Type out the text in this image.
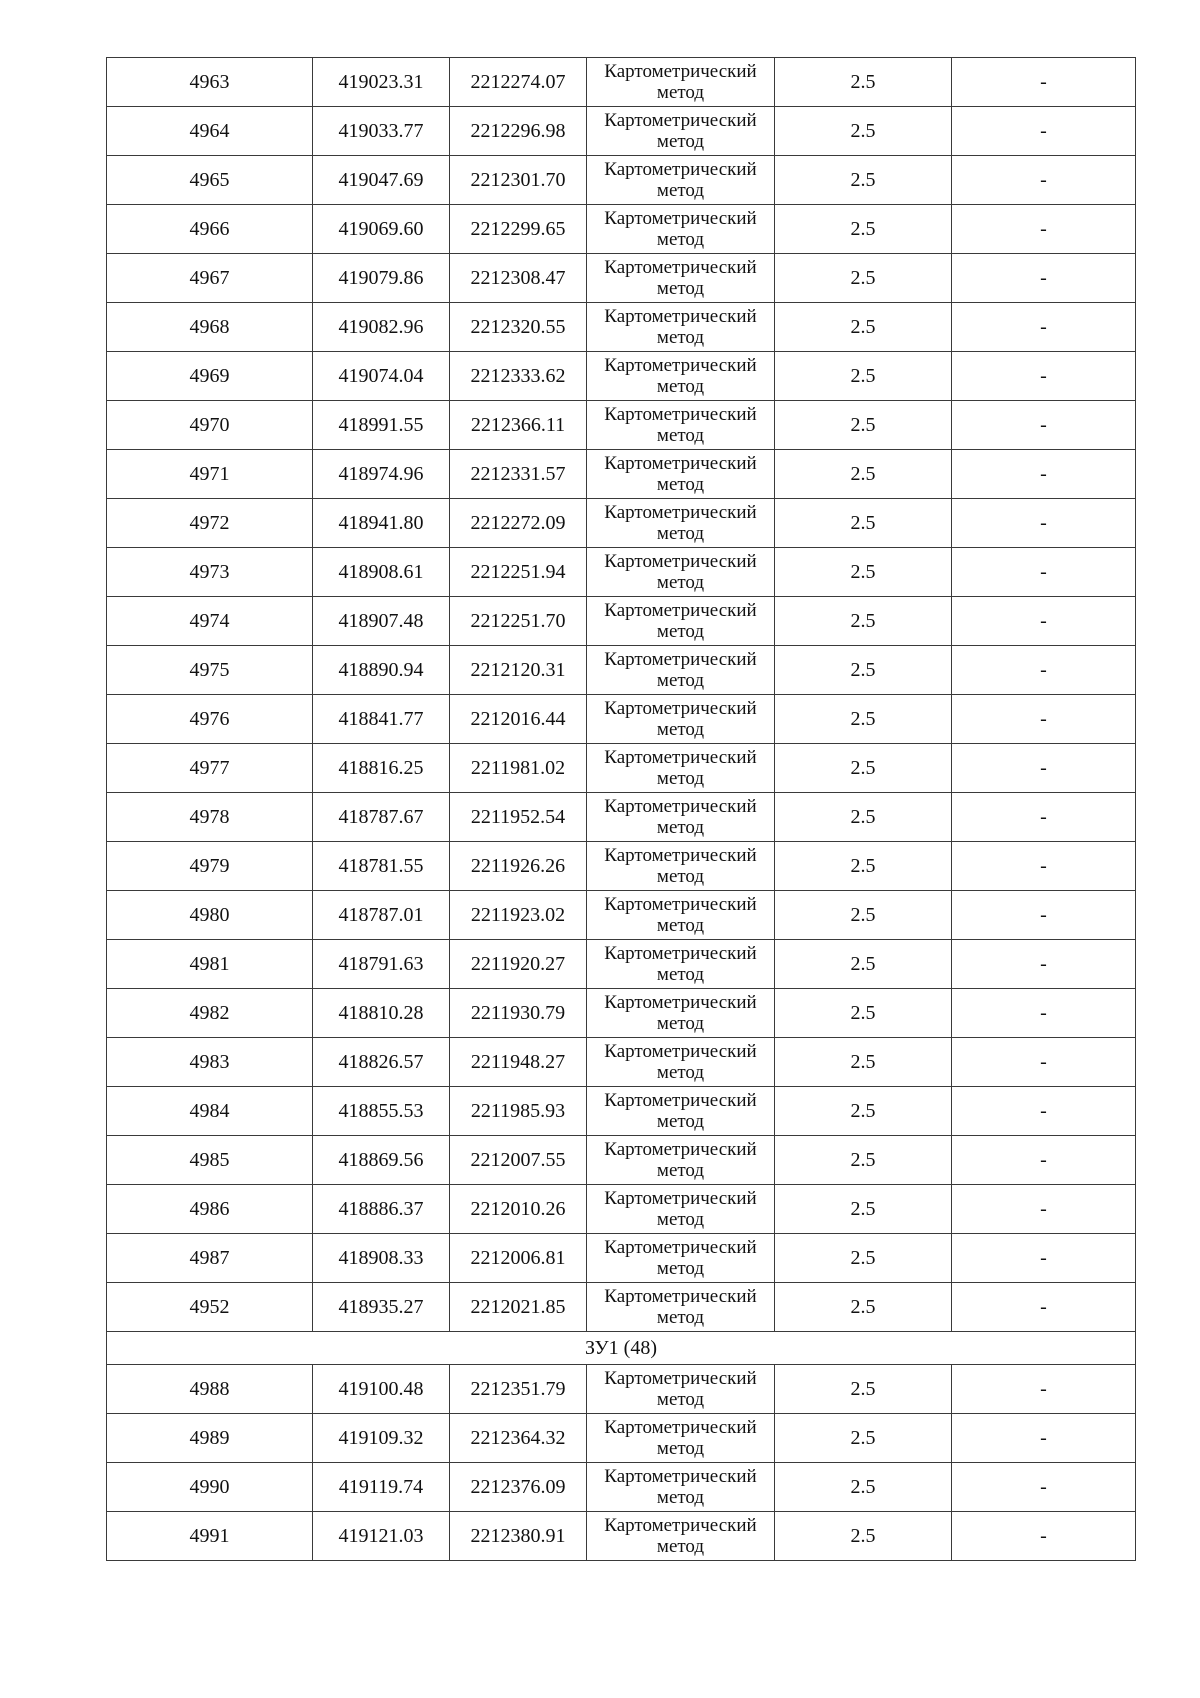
4963	419023.31	2212274.07	Картометрический метод	2.5	-
4964	419033.77	2212296.98	Картометрический метод	2.5	-
4965	419047.69	2212301.70	Картометрический метод	2.5	-
4966	419069.60	2212299.65	Картометрический метод	2.5	-
4967	419079.86	2212308.47	Картометрический метод	2.5	-
4968	419082.96	2212320.55	Картометрический метод	2.5	-
4969	419074.04	2212333.62	Картометрический метод	2.5	-
4970	418991.55	2212366.11	Картометрический метод	2.5	-
4971	418974.96	2212331.57	Картометрический метод	2.5	-
4972	418941.80	2212272.09	Картометрический метод	2.5	-
4973	418908.61	2212251.94	Картометрический метод	2.5	-
4974	418907.48	2212251.70	Картометрический метод	2.5	-
4975	418890.94	2212120.31	Картометрический метод	2.5	-
4976	418841.77	2212016.44	Картометрический метод	2.5	-
4977	418816.25	2211981.02	Картометрический метод	2.5	-
4978	418787.67	2211952.54	Картометрический метод	2.5	-
4979	418781.55	2211926.26	Картометрический метод	2.5	-
4980	418787.01	2211923.02	Картометрический метод	2.5	-
4981	418791.63	2211920.27	Картометрический метод	2.5	-
4982	418810.28	2211930.79	Картометрический метод	2.5	-
4983	418826.57	2211948.27	Картометрический метод	2.5	-
4984	418855.53	2211985.93	Картометрический метод	2.5	-
4985	418869.56	2212007.55	Картометрический метод	2.5	-
4986	418886.37	2212010.26	Картометрический метод	2.5	-
4987	418908.33	2212006.81	Картометрический метод	2.5	-
4952	418935.27	2212021.85	Картометрический метод	2.5	-
ЗУ1 (48)					
4988	419100.48	2212351.79	Картометрический метод	2.5	-
4989	419109.32	2212364.32	Картометрический метод	2.5	-
4990	419119.74	2212376.09	Картометрический метод	2.5	-
4991	419121.03	2212380.91	Картометрический метод	2.5	-
